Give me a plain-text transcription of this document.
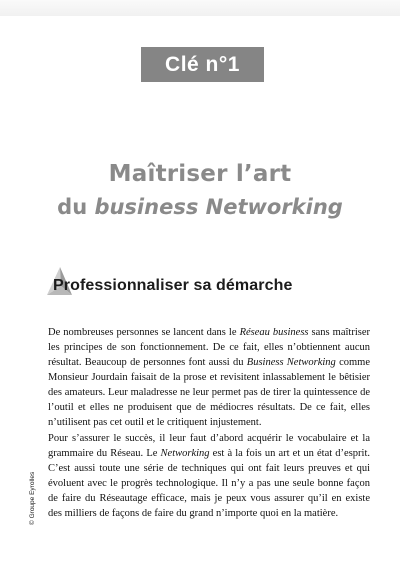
Clé n°1
Maîtriser l’art
du business Networking
Professionnaliser sa démarche

De nombreuses personnes se lancent dans le Réseau business sans maîtriser les principes de son fonctionnement. De ce fait, elles n’obtiennent aucun résultat. Beaucoup de personnes font aussi du Business Networking comme Monsieur Jourdain faisait de la prose et revisitent inlassablement le bêtisier des amateurs. Leur maladresse ne leur permet pas de tirer la quintessence de l’outil et elles ne produisent que de médiocres résultats. De ce fait, elles n’utilisent pas cet outil et le critiquent injustement.

Pour s’assurer le succès, il leur faut d’abord acquérir le vocabulaire et la grammaire du Réseau. Le Networking est à la fois un art et un état d’esprit. C’est aussi toute une série de techniques qui ont fait leurs preuves et qui évoluent avec le progrès technologique. Il n’y a pas une seule bonne façon de faire du Réseautage efficace, mais je peux vous assurer qu’il en existe des milliers de façons de faire du grand n’importe quoi en la matière.

© Groupe Eyrolles
